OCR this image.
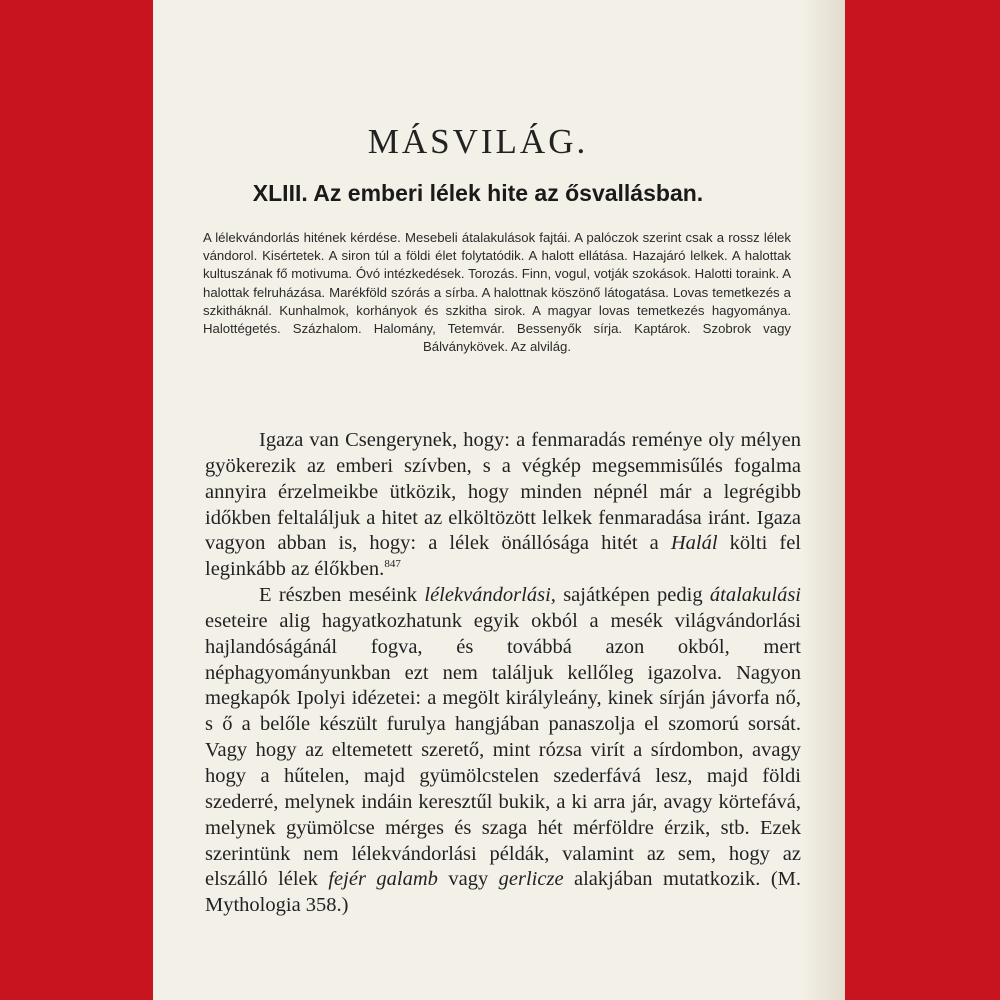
MÁSVILÁG.
XLIII. Az emberi lélek hite az ősvallásban.
A lélekvándorlás hitének kérdése. Mesebeli átalakulások fajtái. A palóczok szerint csak a rossz lélek vándorol. Kisértetek. A siron túl a földi élet folytatódik. A halott ellátása. Hazajáró lelkek. A halottak kultuszának fő motivuma. Óvó intézkedések. Torozás. Finn, vogul, votják szokások. Halotti toraink. A halottak felruházása. Marékföld szórás a sírba. A halottnak köszönő látogatása. Lovas temetkezés a szkitháknál. Kunhalmok, korhányok és szkitha sirok. A magyar lovas temetkezés hagyománya. Halottégetés. Százhalom. Halomány, Tetemvár. Bessenyők sírja. Kaptárok. Szobrok vagy Bálványkövek. Az alvilág.

Igaza van Csengerynek, hogy: a fenmaradás reménye oly mélyen gyökerezik az emberi szívben, s a végkép megsemmisűlés fogalma annyira érzelmeikbe ütközik, hogy minden népnél már a legrégibb időkben feltaláljuk a hitet az elköltözött lelkek fenmaradása iránt. Igaza vagyon abban is, hogy: a lélek önállósága hitét a Halál költi fel leginkább az élőkben.$^{847}$

E részben meséink lélekvándorlási, sajátképen pedig átalakulási eseteire alig hagyatkozhatunk egyik okból a mesék világvándorlási hajlandóságánál fogva, és továbbá azon okból, mert néphagyományunkban ezt nem találjuk kellőleg igazolva. Nagyon megkapók Ipolyi idézetei: a megölt királyleány, kinek sírján jávorfa nő, s ő a belőle készült furulya hangjában panaszolja el szomorú sorsát. Vagy hogy az eltemetett szerető, mint rózsa virít a sírdombon, avagy hogy a hűtelen, majd gyümölcstelen szederfává lesz, majd földi szederré, melynek indáin keresztűl bukik, a ki arra jár, avagy körtefává, melynek gyümölcse mérges és szaga hét mérföldre érzik, stb. Ezek szerintünk nem lélekvándorlási példák, valamint az sem, hogy az elszálló lélek fejér galamb vagy gerlicze alakjában mutatkozik. (M. Mythologia 358.)
